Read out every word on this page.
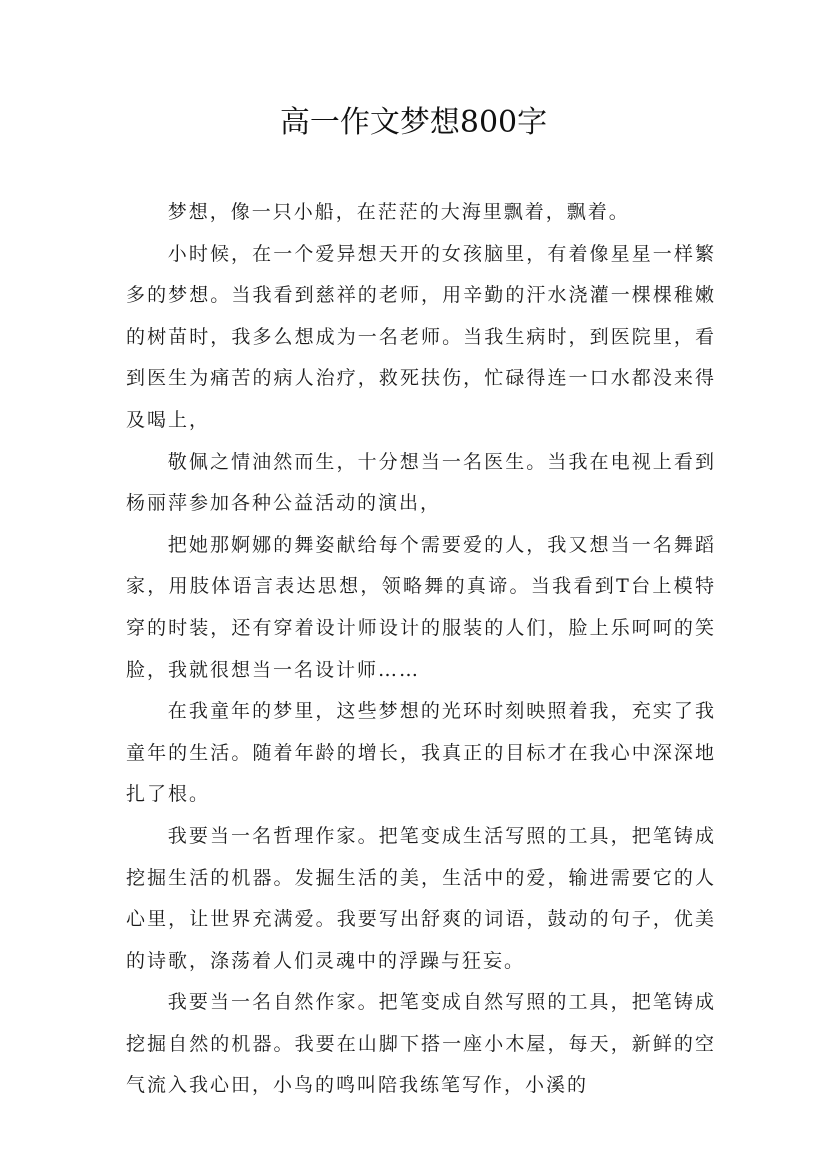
高一作文梦想800字

梦想，像一只小船，在茫茫的大海里飘着，飘着。

小时候，在一个爱异想天开的女孩脑里，有着像星星一样繁多的梦想。当我看到慈祥的老师，用辛勤的汗水浇灌一棵棵稚嫩的树苗时，我多么想成为一名老师。当我生病时，到医院里，看到医生为痛苦的病人治疗，救死扶伤，忙碌得连一口水都没来得及喝上，

敬佩之情油然而生，十分想当一名医生。当我在电视上看到杨丽萍参加各种公益活动的演出，

把她那婀娜的舞姿献给每个需要爱的人，我又想当一名舞蹈家，用肢体语言表达思想，领略舞的真谛。当我看到T台上模特穿的时装，还有穿着设计师设计的服装的人们，脸上乐呵呵的笑脸，我就很想当一名设计师……

在我童年的梦里，这些梦想的光环时刻映照着我，充实了我童年的生活。随着年龄的增长，我真正的目标才在我心中深深地扎了根。

我要当一名哲理作家。把笔变成生活写照的工具，把笔铸成挖掘生活的机器。发掘生活的美，生活中的爱，输进需要它的人心里，让世界充满爱。我要写出舒爽的词语，鼓动的句子，优美的诗歌，涤荡着人们灵魂中的浮躁与狂妄。

我要当一名自然作家。把笔变成自然写照的工具，把笔铸成挖掘自然的机器。我要在山脚下搭一座小木屋，每天，新鲜的空气流入我心田，小鸟的鸣叫陪我练笔写作，小溪的
